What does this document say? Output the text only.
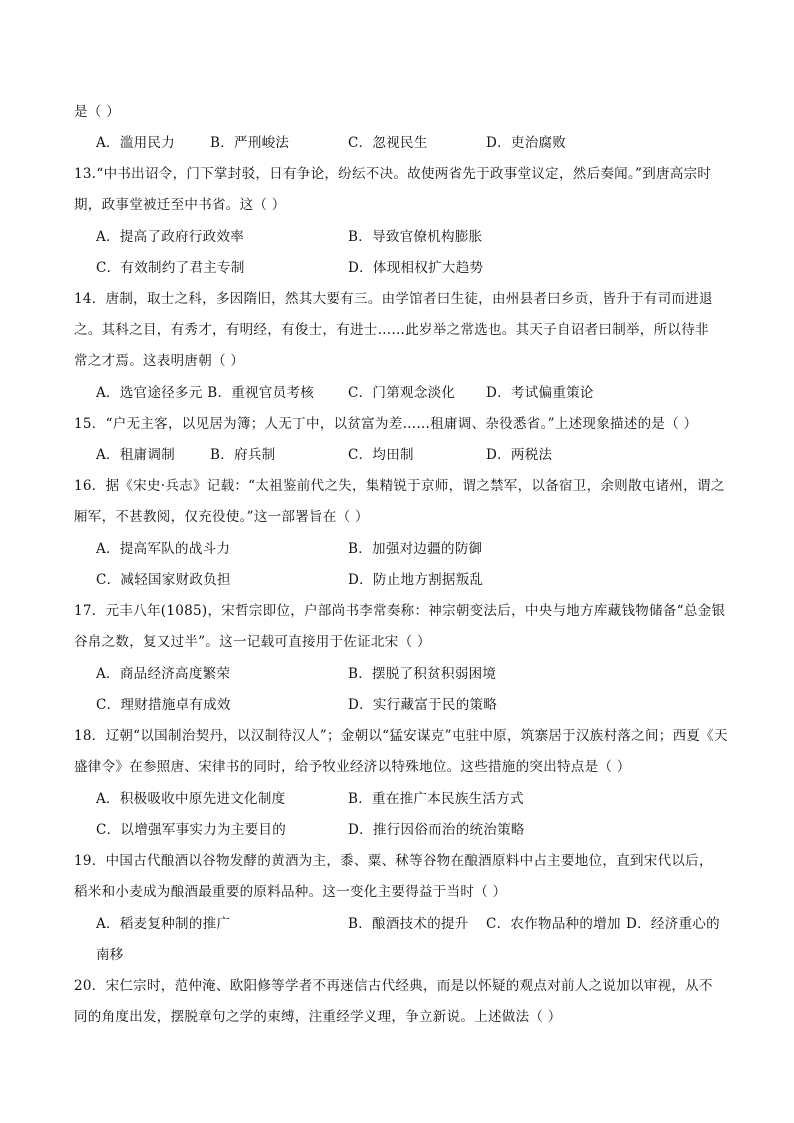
是（ ）
A．滥用民力	B．严刑峻法	C．忽视民生	D．吏治腐败
13.“中书出诏令，门下掌封驳，日有争论，纷纭不决。故使两省先于政事堂议定，然后奏闻。”到唐高宗时
期，政事堂被迁至中书省。这（ ）
A．提高了政府行政效率	B．导致官僚机构膨胀
C．有效制约了君主专制	D．体现相权扩大趋势
14．唐制，取士之科，多因隋旧，然其大要有三。由学馆者曰生徒，由州县者曰乡贡，皆升于有司而进退
之。其科之目，有秀才，有明经，有俊士，有进士……此岁举之常选也。其天子自诏者曰制举，所以待非
常之才焉。这表明唐朝（ ）
A．选官途径多元 B．重视官员考核	C．门第观念淡化 D．考试偏重策论
15．“户无主客，以见居为簿；人无丁中，以贫富为差……租庸调、杂役悉省。”上述现象描述的是（ ）
A．租庸调制	B．府兵制	C．均田制	D．两税法
16．据《宋史·兵志》记载：“太祖鉴前代之失，集精锐于京师，谓之禁军，以备宿卫，余则散屯诸州，谓之
厢军，不甚教阅，仅充役使。”这一部署旨在（ ）
A．提高军队的战斗力	B．加强对边疆的防御
C．减轻国家财政负担	D．防止地方割据叛乱
17．元丰八年(1085)，宋哲宗即位，户部尚书李常奏称：神宗朝变法后，中央与地方库藏钱物储备“总金银
谷帛之数，复又过半”。这一记载可直接用于佐证北宋（ ）
A．商品经济高度繁荣	B．摆脱了积贫积弱困境
C．理财措施卓有成效	D．实行藏富于民的策略
18．辽朝“以国制治契丹，以汉制待汉人”；金朝以“猛安谋克”屯驻中原，筑寨居于汉族村落之间；西夏《天
盛律令》在参照唐、宋律书的同时，给予牧业经济以特殊地位。这些措施的突出特点是（ ）
A．积极吸收中原先进文化制度	B．重在推广本民族生活方式
C．以增强军事实力为主要目的	D．推行因俗而治的统治策略
19．中国古代酿酒以谷物发酵的黄酒为主，黍、粟、秫等谷物在酿酒原料中占主要地位，直到宋代以后，
稻米和小麦成为酿酒最重要的原料品种。这一变化主要得益于当时（ ）
A．稻麦复种制的推广	B．酿酒技术的提升 C．农作物品种的增加 D．经济重心的
南移
20．宋仁宗时，范仲淹、欧阳修等学者不再迷信古代经典，而是以怀疑的观点对前人之说加以审视，从不
同的角度出发，摆脱章句之学的束缚，注重经学义理，争立新说。上述做法（ ）
